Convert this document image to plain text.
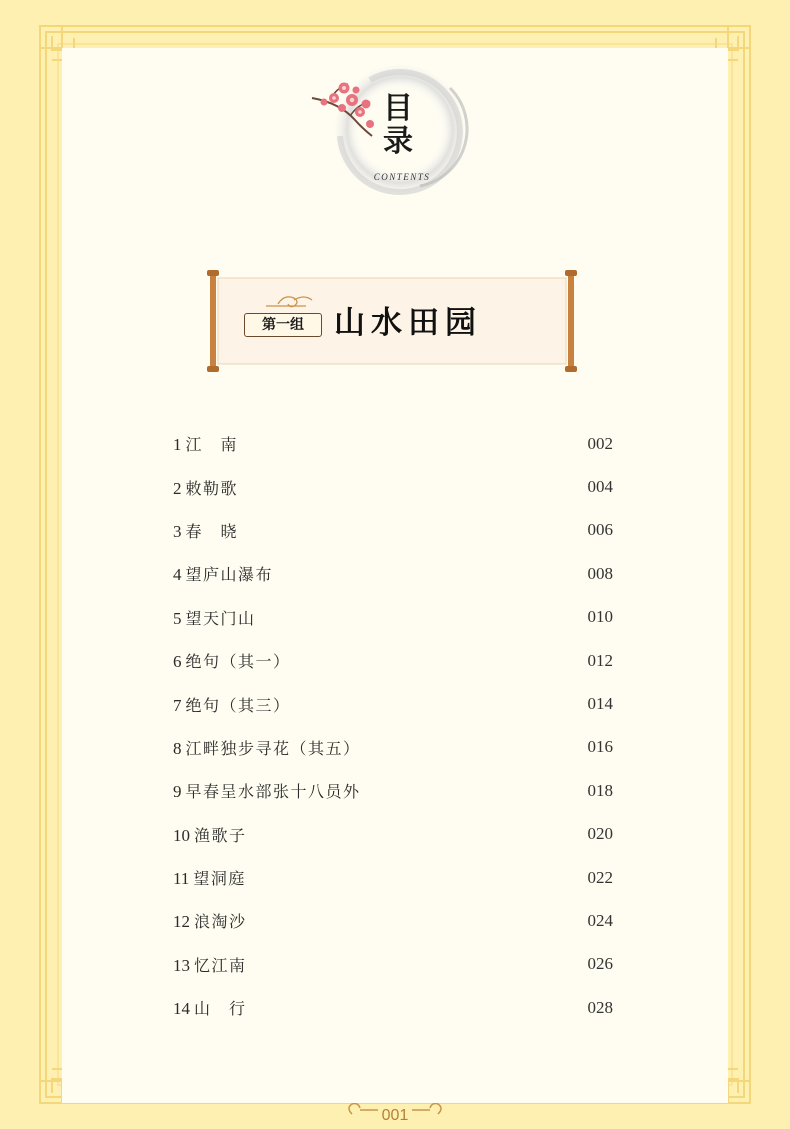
目录
CONTENTS
第一组 山水田园
1 江　南	002
2 敕勒歌	004
3 春　晓	006
4 望庐山瀑布	008
5 望天门山	010
6 绝句（其一）	012
7 绝句（其三）	014
8 江畔独步寻花（其五）	016
9 早春呈水部张十八员外	018
10 渔歌子	020
11 望洞庭	022
12 浪淘沙	024
13 忆江南	026
14 山　行	028
001
